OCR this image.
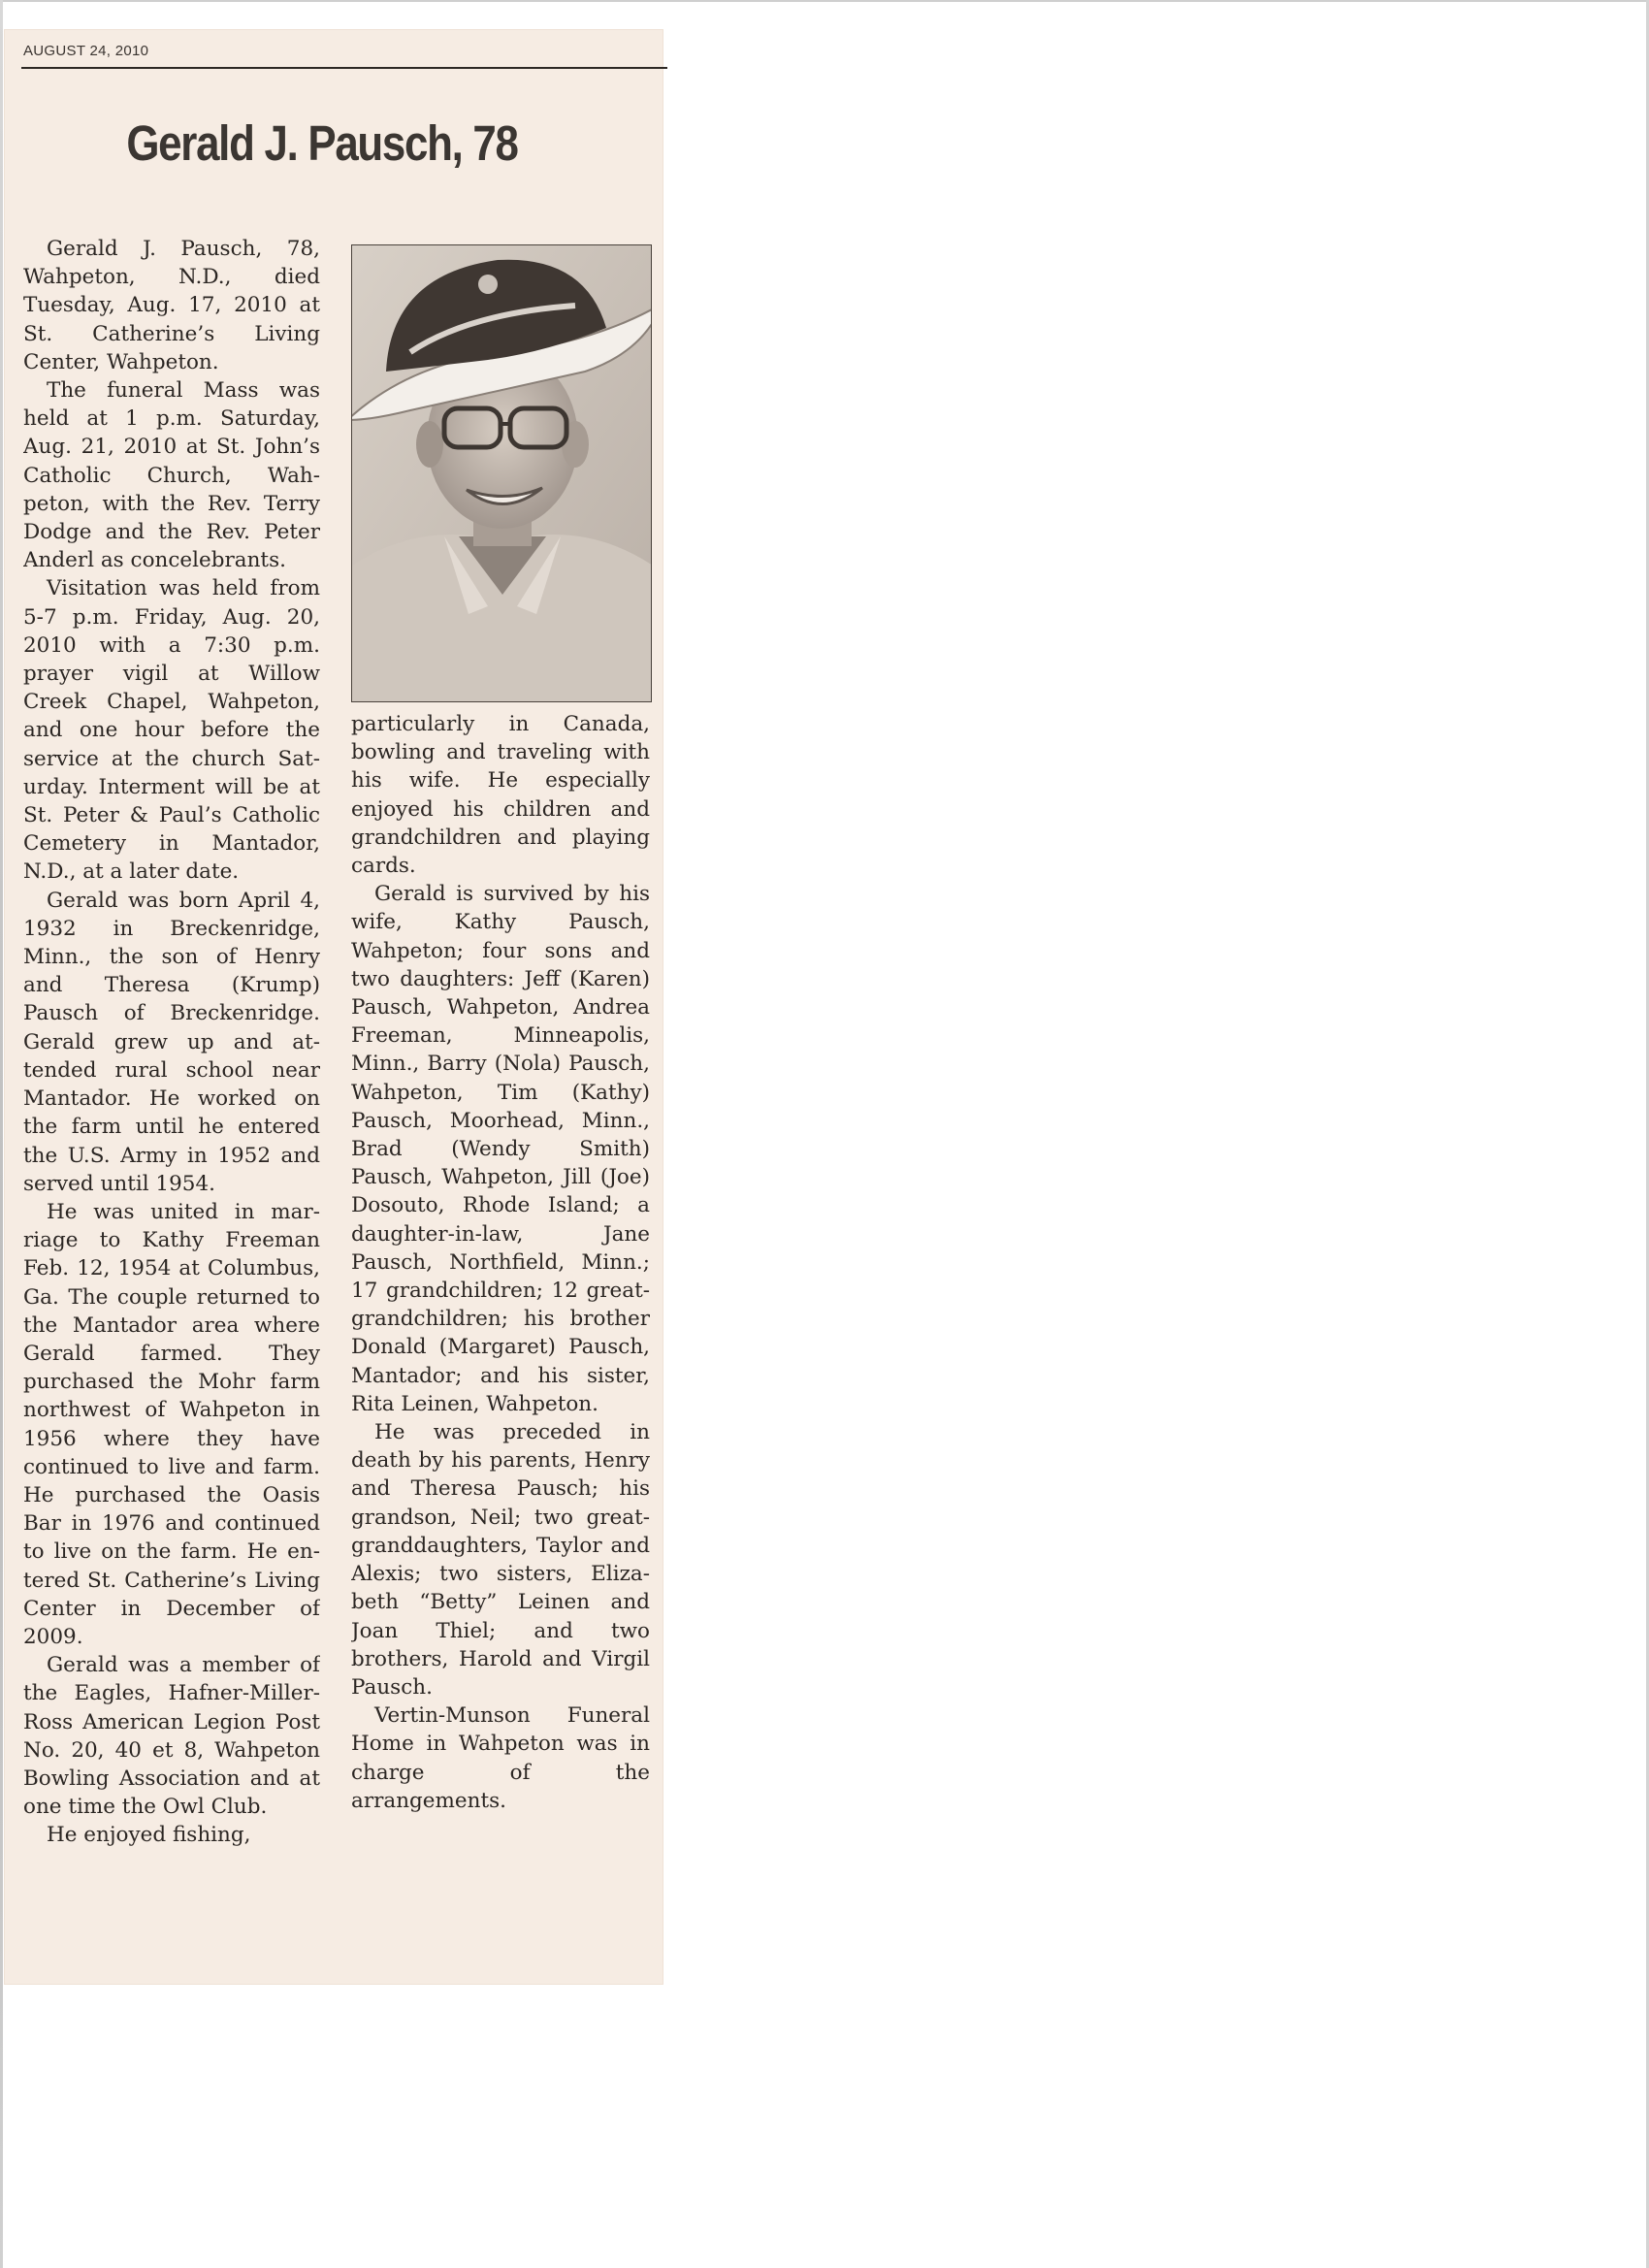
AUGUST 24, 2010
Gerald J. Pausch, 78

Gerald J. Pausch, 78, Wahpeton, N.D., died Tuesday, Aug. 17, 2010 at St. Catherine’s Living Center, Wahpeton.

The funeral Mass was held at 1 p.m. Saturday, Aug. 21, 2010 at St. John’s Catholic Church, Wahpeton, with the Rev. Terry Dodge and the Rev. Peter Anderl as concelebrants.

Visitation was held from 5-7 p.m. Friday, Aug. 20, 2010 with a 7:30 p.m. prayer vigil at Willow Creek Chapel, Wahpeton, and one hour before the service at the church Saturday. Interment will be at St. Peter & Paul’s Catholic Cemetery in Mantador, N.D., at a later date.

Gerald was born April 4, 1932 in Breckenridge, Minn., the son of Henry and Theresa (Krump) Pausch of Breckenridge. Gerald grew up and attended rural school near Mantador. He worked on the farm until he entered the U.S. Army in 1952 and served until 1954.

He was united in marriage to Kathy Freeman Feb. 12, 1954 at Columbus, Ga. The couple returned to the Mantador area where Gerald farmed. They purchased the Mohr farm northwest of Wahpeton in 1956 where they have continued to live and farm. He purchased the Oasis Bar in 1976 and continued to live on the farm. He entered St. Catherine’s Living Center in December of 2009.

Gerald was a member of the Eagles, Hafner-Miller-Ross American Legion Post No. 20, 40 et 8, Wahpeton Bowling Association and at one time the Owl Club.

He enjoyed fishing,

particularly in Canada, bowling and traveling with his wife. He especially enjoyed his children and grandchildren and playing cards.

Gerald is survived by his wife, Kathy Pausch, Wahpeton; four sons and two daughters: Jeff (Karen) Pausch, Wahpeton, Andrea Freeman, Minneapolis, Minn., Barry (Nola) Pausch, Wahpeton, Tim (Kathy) Pausch, Moorhead, Minn., Brad (Wendy Smith) Pausch, Wahpeton, Jill (Joe) Dosouto, Rhode Island; a daughter-in-law, Jane Pausch, Northfield, Minn.; 17 grandchildren; 12 great-grandchildren; his brother Donald (Margaret) Pausch, Mantador; and his sister, Rita Leinen, Wahpeton.

He was preceded in death by his parents, Henry and Theresa Pausch; his grandson, Neil; two great-granddaughters, Taylor and Alexis; two sisters, Elizabeth “Betty” Leinen and Joan Thiel; and two brothers, Harold and Virgil Pausch.

Vertin-Munson Funeral Home in Wahpeton was in charge of the arrangements.
